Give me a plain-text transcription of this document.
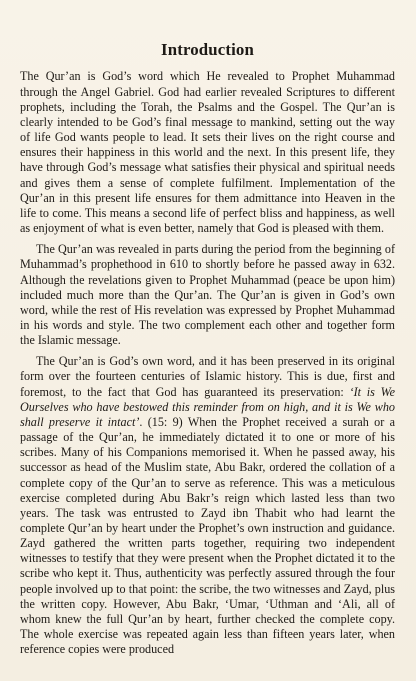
Introduction

The Qur’an is God’s word which He revealed to Prophet Muhammad through the Angel Gabriel. God had earlier revealed Scriptures to different prophets, including the Torah, the Psalms and the Gospel. The Qur’an is clearly intended to be God’s final message to mankind, setting out the way of life God wants people to lead. It sets their lives on the right course and ensures their happiness in this world and the next. In this present life, they have through God’s message what satisfies their physical and spiritual needs and gives them a sense of complete fulfilment. Implementation of the Qur’an in this present life ensures for them admittance into Heaven in the life to come. This means a second life of perfect bliss and happiness, as well as enjoyment of what is even better, namely that God is pleased with them.

The Qur’an was revealed in parts during the period from the beginning of Muhammad’s prophethood in 610 to shortly before he passed away in 632. Although the revelations given to Prophet Muhammad (peace be upon him) included much more than the Qur’an. The Qur’an is given in God’s own word, while the rest of His revelation was expressed by Prophet Muhammad in his words and style. The two complement each other and together form the Islamic message.

The Qur’an is God’s own word, and it has been preserved in its original form over the fourteen centuries of Islamic history. This is due, first and foremost, to the fact that God has guaranteed its preservation: ‘It is We Ourselves who have bestowed this reminder from on high, and it is We who shall preserve it intact’. (15: 9) When the Prophet received a surah or a passage of the Qur’an, he immediately dictated it to one or more of his scribes. Many of his Companions memorised it. When he passed away, his successor as head of the Muslim state, Abu Bakr, ordered the collation of a complete copy of the Qur’an to serve as reference. This was a meticulous exercise completed during Abu Bakr’s reign which lasted less than two years. The task was entrusted to Zayd ibn Thabit who had learnt the complete Qur’an by heart under the Prophet’s own instruction and guidance. Zayd gathered the written parts together, requiring two independent witnesses to testify that they were present when the Prophet dictated it to the scribe who kept it. Thus, authenticity was perfectly assured through the four people involved up to that point: the scribe, the two witnesses and Zayd, plus the written copy. However, Abu Bakr, ‘Umar, ‘Uthman and ‘Ali, all of whom knew the full Qur’an by heart, further checked the complete copy. The whole exercise was repeated again less than fifteen years later, when reference copies were produced
